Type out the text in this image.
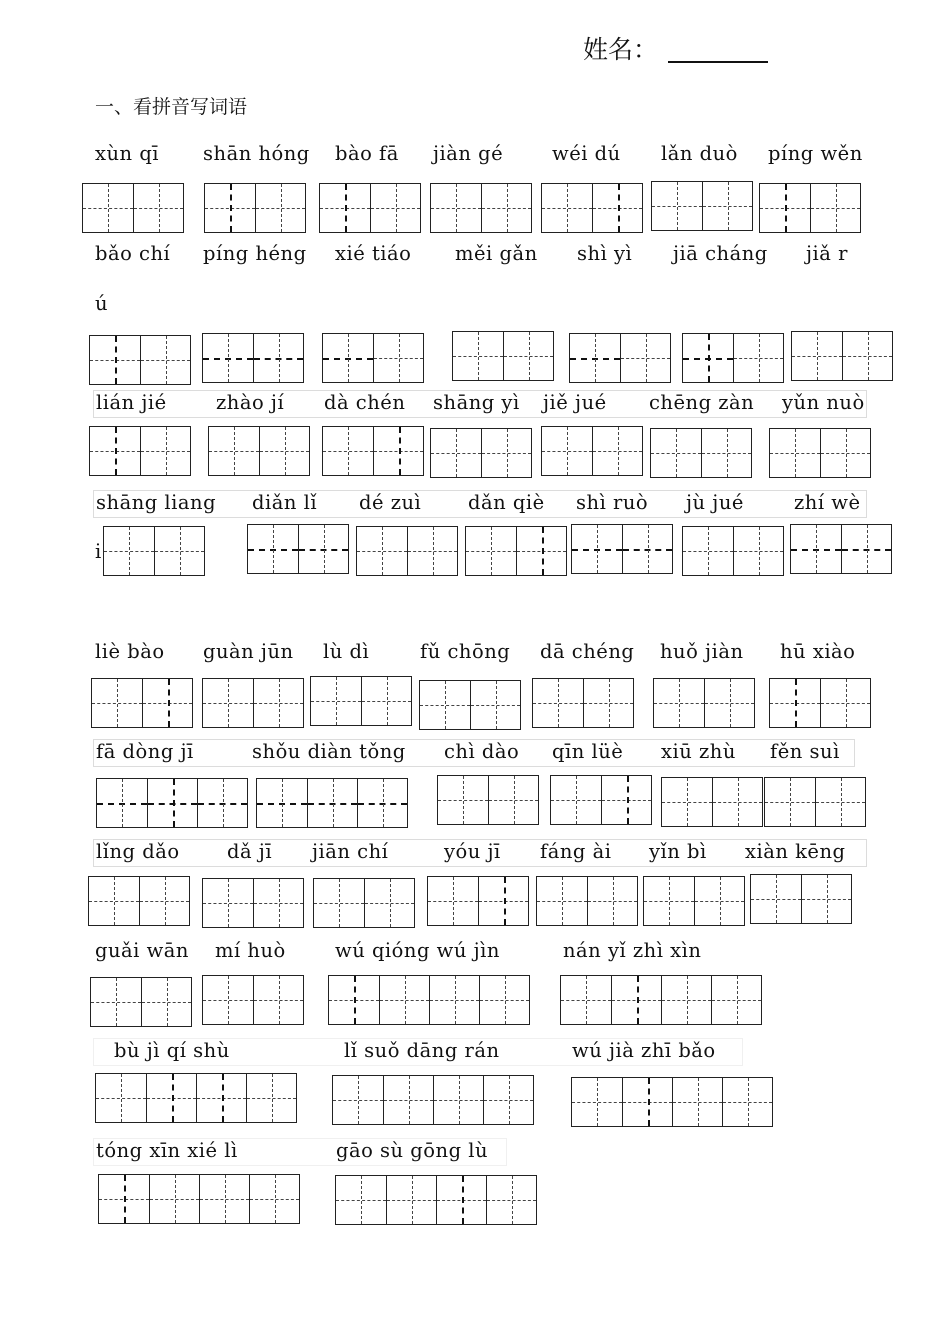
姓名：
一、看拼音写词语
xùn qī shān hóng bào fā jiàn gé	wéi dú lǎn duò píng wěn
bǎo chí píng héng xié tiáo měi gǎn shì yì jiā cháng jiǎ r
ú
lián jié	zhào jí dà chén shāng yì jiě jué chēng zàn yǔn nuò
shāng liang diǎn lǐ dé zuì dǎn qiè shì ruò jù jué	zhí wè
i
liè bào guàn jūn lù dì	fǔ chōng dā chéng huǒ jiàn hū xiào
fā dòng jī	shǒu diàn tǒng chì dào qīn lüè xiū zhù fěn suì
lǐng dǎo dǎ jī jiān chí	yóu jī fáng ài yǐn bì xiàn kēng
guǎi wān mí huò	wú qióng wú jìn	nán yǐ zhì xìn
bù jì qí shù	lǐ suǒ dāng rán	wú jià zhī bǎo
tóng xīn xié lì	gāo sù gōng lù
